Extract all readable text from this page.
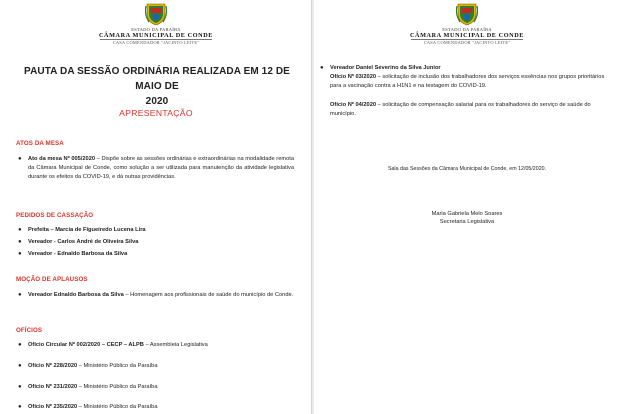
ESTADO DA PARAÍBA
CÂMARA MUNICIPAL DE CONDE
CASA COMENDADOR "JACINTO LEITE"
PAUTA DA SESSÃO ORDINÁRIA REALIZADA EM 12 DE MAIO DE
2020
APRESENTAÇÃO
ATOS DA MESA
● Ato da mesa Nº 005/2020 – Dispõe sobre as sessões ordinárias e extraordinárias na modalidade remota da Câmara Municipal de Conde, como solução a ser utilizada para manutenção da atividade legislativa durante os efeitos da COVID-19, e dá outras providências.
PEDIDOS DE CASSAÇÃO
● Prefeita – Marcia de Figueiredo Lucena Lira
● Vereador - Carlos André de Oliveira Silva
● Vereador - Ednaldo Barbosa da Silva
MOÇÃO DE APLAUSOS
● Vereador Ednaldo Barbosa da Silva – Homenagem aos profissionais de saúde do município de Conde.
OFÍCIOS
● Ofício Circular Nº 002/2020 – CECP – ALPB – Assembleia Legislativa
● Ofício Nº 228/2020 – Ministério Público da Paraíba
● Ofício Nº 231/2020 – Ministério Público da Paraíba
● Ofício Nº 235/2020 – Ministério Público da Paraíba
ESTADO DA PARAÍBA
CÂMARA MUNICIPAL DE CONDE
CASA COMENDADOR "JACINTO LEITE"
● Vereador Daniel Severino da Silva Junior
Ofício Nº 03/2020 – solicitação de inclusão dos trabalhadores dos serviços essências nos grupos prioritários para a vacinação contra a H1N1 e na testagem do COVID-19.
Ofício Nº 04/2020 – solicitação de compensação salarial para os trabalhadores do serviço de saúde do município.
Sala das Sessões da Câmara Municipal de Conde, em 12/05/2020.
Maria Gabriela Melo Soares
Secretaria Legislativa
